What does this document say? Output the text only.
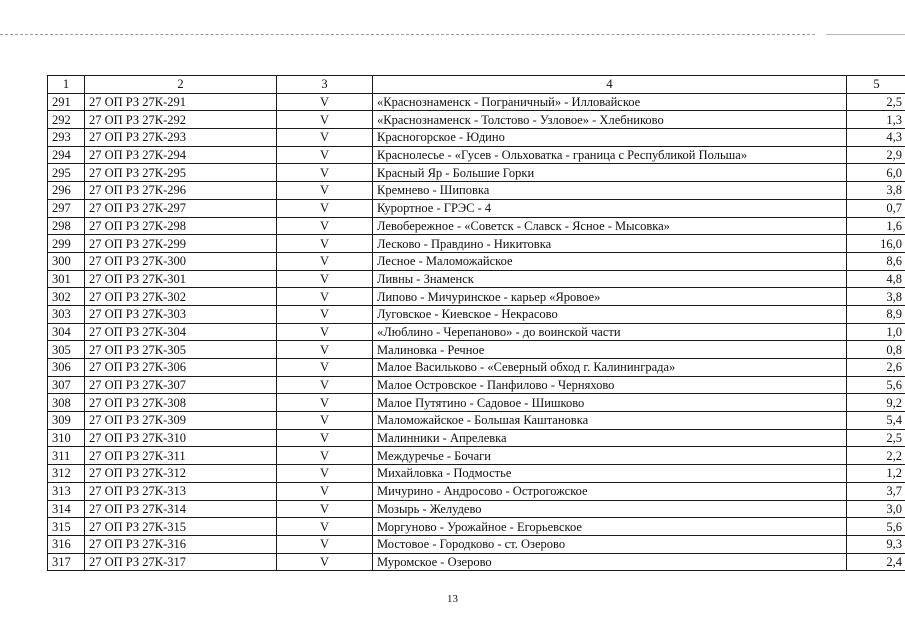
1	2	3	4	5
291	27 ОП РЗ 27К-291	V	«Краснознаменск - Пограничный» - Илловайское	2,5
292	27 ОП РЗ 27К-292	V	«Краснознаменск - Толстово - Узловое» - Хлебниково	1,3
293	27 ОП РЗ 27К-293	V	Красногорское - Юдино	4,3
294	27 ОП РЗ 27К-294	V	Краснолесье - «Гусев - Ольховатка - граница с Республикой Польша»	2,9
295	27 ОП РЗ 27К-295	V	Красный Яр - Большие Горки	6,0
296	27 ОП РЗ 27К-296	V	Кремнево - Шиповка	3,8
297	27 ОП РЗ 27К-297	V	Курортное - ГРЭС - 4	0,7
298	27 ОП РЗ 27К-298	V	Левобережное - «Советск - Славск - Ясное - Мысовка»	1,6
299	27 ОП РЗ 27К-299	V	Лесково - Правдино - Никитовка	16,0
300	27 ОП РЗ 27К-300	V	Лесное - Маломожайское	8,6
301	27 ОП РЗ 27К-301	V	Ливны - Знаменск	4,8
302	27 ОП РЗ 27К-302	V	Липово - Мичуринское - карьер «Яровое»	3,8
303	27 ОП РЗ 27К-303	V	Луговское - Киевское - Некрасово	8,9
304	27 ОП РЗ 27К-304	V	«Люблино - Черепаново» - до воинской части	1,0
305	27 ОП РЗ 27К-305	V	Малиновка - Речное	0,8
306	27 ОП РЗ 27К-306	V	Малое Васильково - «Северный обход г. Калининграда»	2,6
307	27 ОП РЗ 27К-307	V	Малое Островское - Панфилово - Черняхово	5,6
308	27 ОП РЗ 27К-308	V	Малое Путятино - Садовое - Шишково	9,2
309	27 ОП РЗ 27К-309	V	Маломожайское - Большая Каштановка	5,4
310	27 ОП РЗ 27К-310	V	Малинники - Апрелевка	2,5
311	27 ОП РЗ 27К-311	V	Междуречье - Бочаги	2,2
312	27 ОП РЗ 27К-312	V	Михайловка - Подмостье	1,2
313	27 ОП РЗ 27К-313	V	Мичурино - Андросово - Острогожское	3,7
314	27 ОП РЗ 27К-314	V	Мозырь - Желудево	3,0
315	27 ОП РЗ 27К-315	V	Моргуново - Урожайное - Егорьевское	5,6
316	27 ОП РЗ 27К-316	V	Мостовое - Городково - ст. Озерово	9,3
317	27 ОП РЗ 27К-317	V	Муромское - Озерово	2,4
13
